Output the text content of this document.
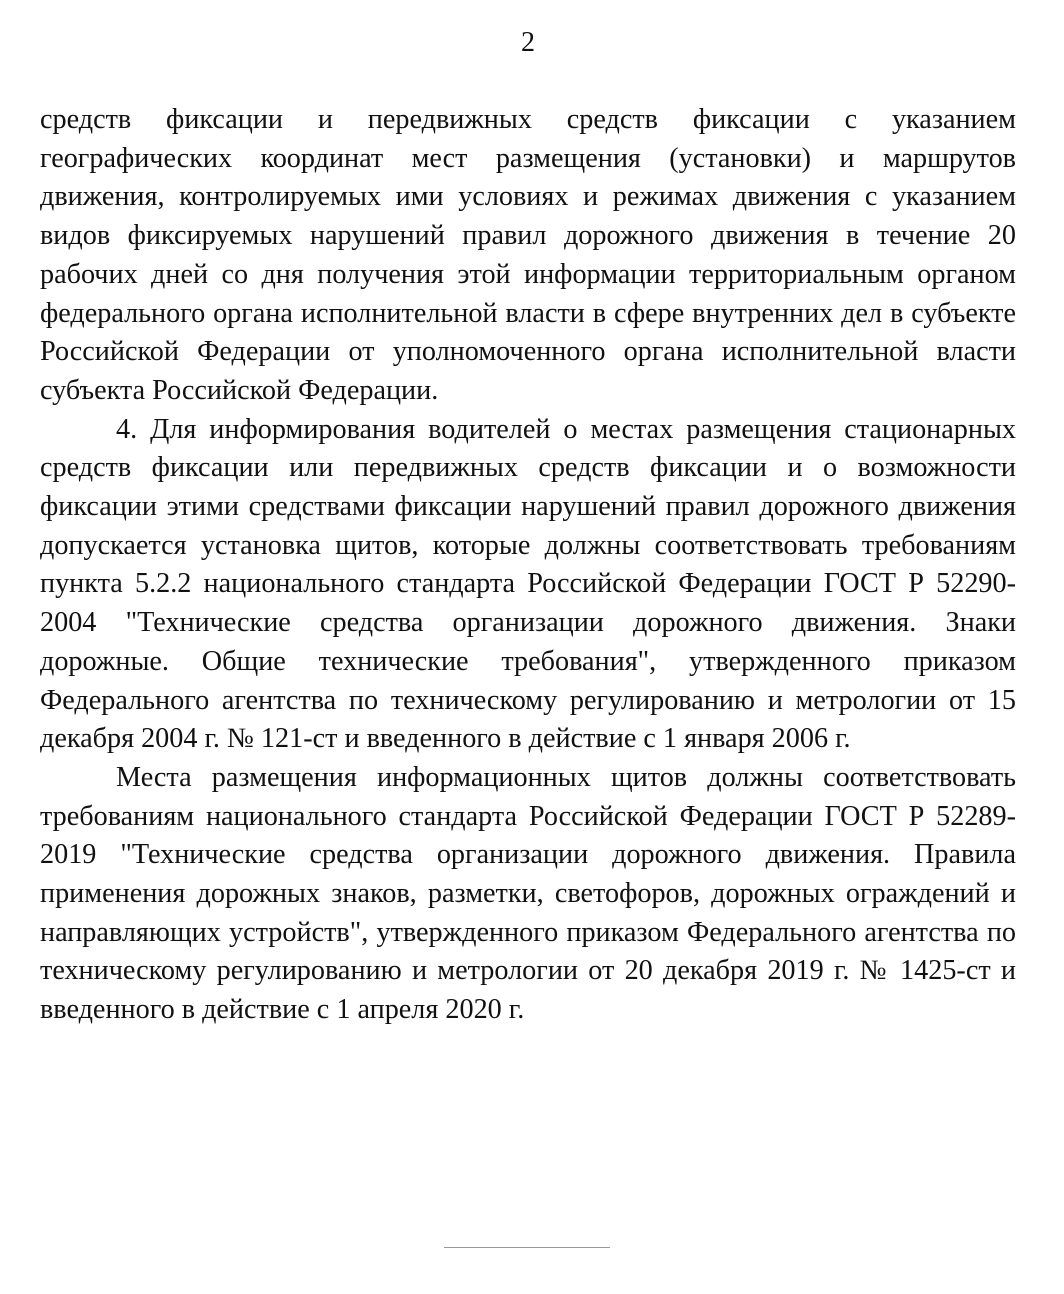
2

средств фиксации и передвижных средств фиксации с указанием географических координат мест размещения (установки) и маршрутов движения, контролируемых ими условиях и режимах движения с указанием видов фиксируемых нарушений правил дорожного движения в течение 20 рабочих дней со дня получения этой информации территориальным органом федерального органа исполнительной власти в сфере внутренних дел в субъекте Российской Федерации от уполномоченного органа исполнительной власти субъекта Российской Федерации.

4. Для информирования водителей о местах размещения стационарных средств фиксации или передвижных средств фиксации и о возможности фиксации этими средствами фиксации нарушений правил дорожного движения допускается установка щитов, которые должны соответствовать требованиям пункта 5.2.2 национального стандарта Российской Федерации ГОСТ Р 52290-2004 "Технические средства организации дорожного движения. Знаки дорожные. Общие технические требования", утвержденного приказом Федерального агентства по техническому регулированию и метрологии от 15 декабря 2004 г. № 121-ст и введенного в действие с 1 января 2006 г.

Места размещения информационных щитов должны соответствовать требованиям национального стандарта Российской Федерации ГОСТ Р 52289-2019 "Технические средства организации дорожного движения. Правила применения дорожных знаков, разметки, светофоров, дорожных ограждений и направляющих устройств", утвержденного приказом Федерального агентства по техническому регулированию и метрологии от 20 декабря 2019 г. № 1425-ст и введенного в действие с 1 апреля 2020 г.
